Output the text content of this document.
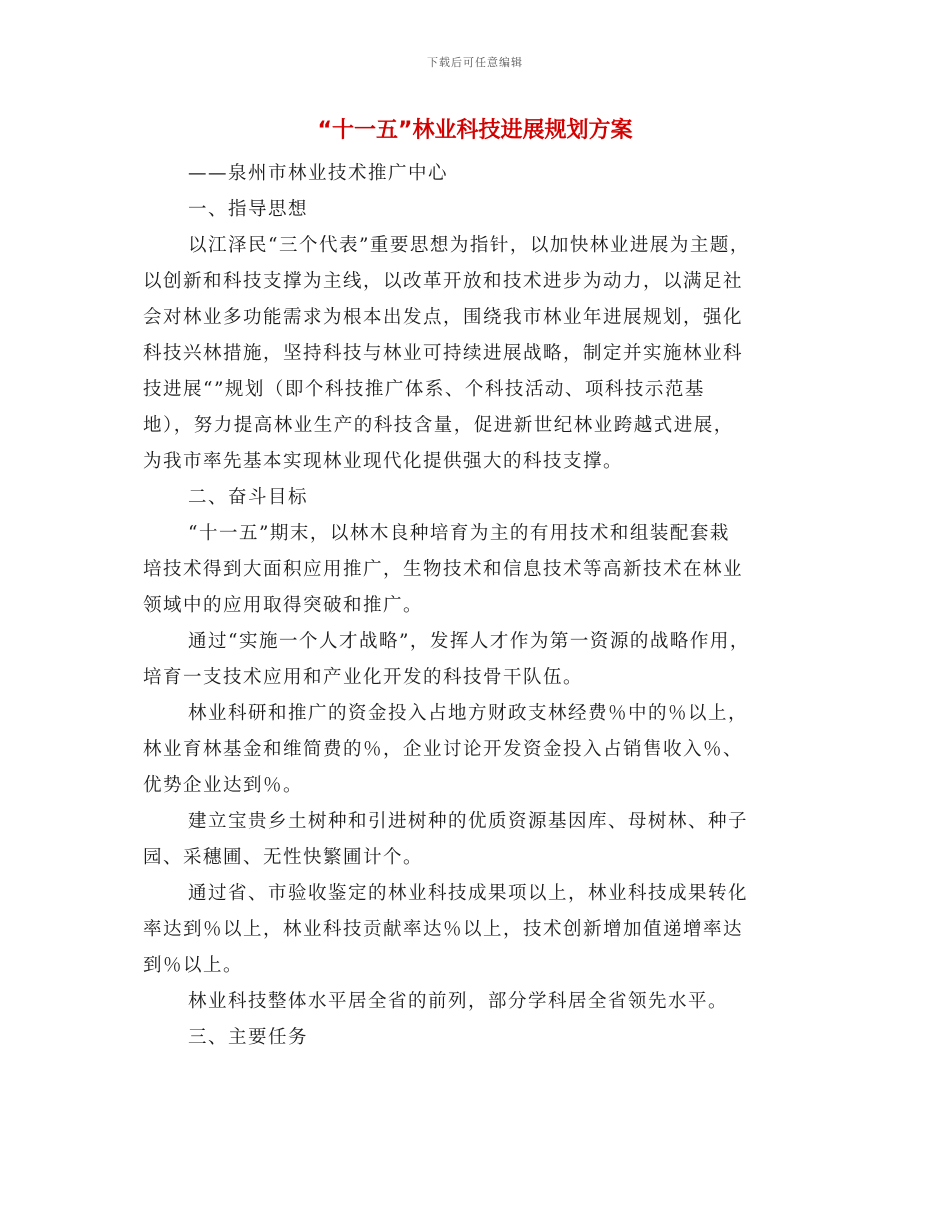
下载后可任意编辑
“十一五”林业科技进展规划方案
——泉州市林业技术推广中心
一、指导思想
以江泽民“三个代表”重要思想为指针，以加快林业进展为主题，
以创新和科技支撑为主线，以改革开放和技术进步为动力，以满足社
会对林业多功能需求为根本出发点，围绕我市林业年进展规划，强化
科技兴林措施，坚持科技与林业可持续进展战略，制定并实施林业科
技进展“”规划（即个科技推广体系、个科技活动、项科技示范基
地），努力提高林业生产的科技含量，促进新世纪林业跨越式进展，
为我市率先基本实现林业现代化提供强大的科技支撑。
二、奋斗目标
“十一五”期末，以林木良种培育为主的有用技术和组装配套栽
培技术得到大面积应用推广，生物技术和信息技术等高新技术在林业
领域中的应用取得突破和推广。
通过“实施一个人才战略”，发挥人才作为第一资源的战略作用，
培育一支技术应用和产业化开发的科技骨干队伍。
林业科研和推广的资金投入占地方财政支林经费％中的％以上，
林业育林基金和维简费的％，企业讨论开发资金投入占销售收入％、
优势企业达到％。
建立宝贵乡土树种和引进树种的优质资源基因库、母树林、种子
园、采穗圃、无性快繁圃计个。
通过省、市验收鉴定的林业科技成果项以上，林业科技成果转化
率达到％以上，林业科技贡献率达％以上，技术创新增加值递增率达
到％以上。
林业科技整体水平居全省的前列，部分学科居全省领先水平。
三、主要任务
